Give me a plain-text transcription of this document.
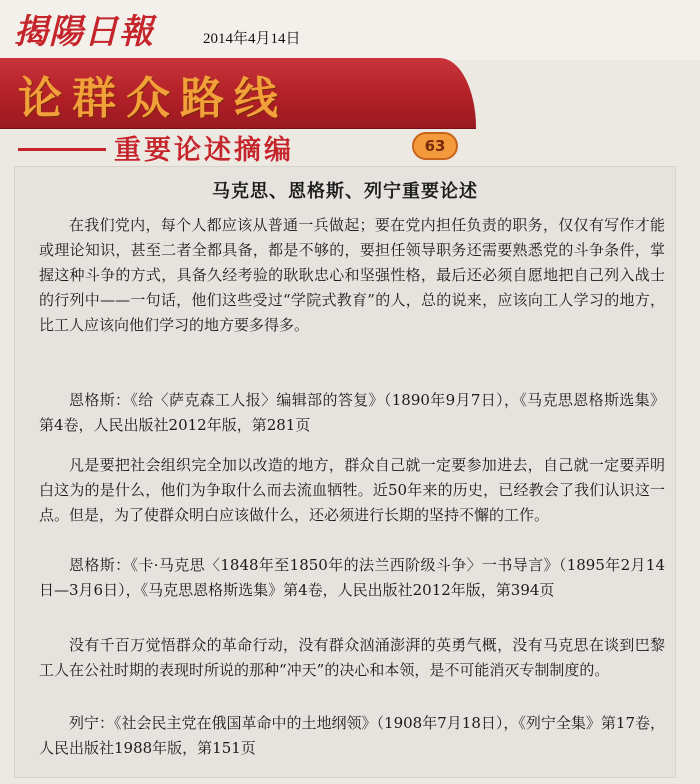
揭陽日報	2014年4月14日
论群众路线
重要论述摘编	63
马克思、恩格斯、列宁重要论述

在我们党内，每个人都应该从普通一兵做起；要在党内担任负责的职务，仅仅有写作才能或理论知识，甚至二者全都具备，都是不够的，要担任领导职务还需要熟悉党的斗争条件，掌握这种斗争的方式，具备久经考验的耿耿忠心和坚强性格，最后还必须自愿地把自己列入战士的行列中——一句话，他们这些受过“学院式教育”的人，总的说来，应该向工人学习的地方，比工人应该向他们学习的地方要多得多。

恩格斯：《给〈萨克森工人报〉编辑部的答复》（1890年9月7日），《马克思恩格斯选集》第4卷，人民出版社2012年版，第281页

凡是要把社会组织完全加以改造的地方，群众自己就一定要参加进去，自己就一定要弄明白这为的是什么，他们为争取什么而去流血牺牲。近50年来的历史，已经教会了我们认识这一点。但是，为了使群众明白应该做什么，还必须进行长期的坚持不懈的工作。

恩格斯：《卡·马克思〈1848年至1850年的法兰西阶级斗争〉一书导言》（1895年2月14日—3月6日），《马克思恩格斯选集》第4卷，人民出版社2012年版，第394页

没有千百万觉悟群众的革命行动，没有群众汹涌澎湃的英勇气概，没有马克思在谈到巴黎工人在公社时期的表现时所说的那种“冲天”的决心和本领，是不可能消灭专制制度的。

列宁：《社会民主党在俄国革命中的土地纲领》（1908年7月18日），《列宁全集》第17卷，人民出版社1988年版，第151页
